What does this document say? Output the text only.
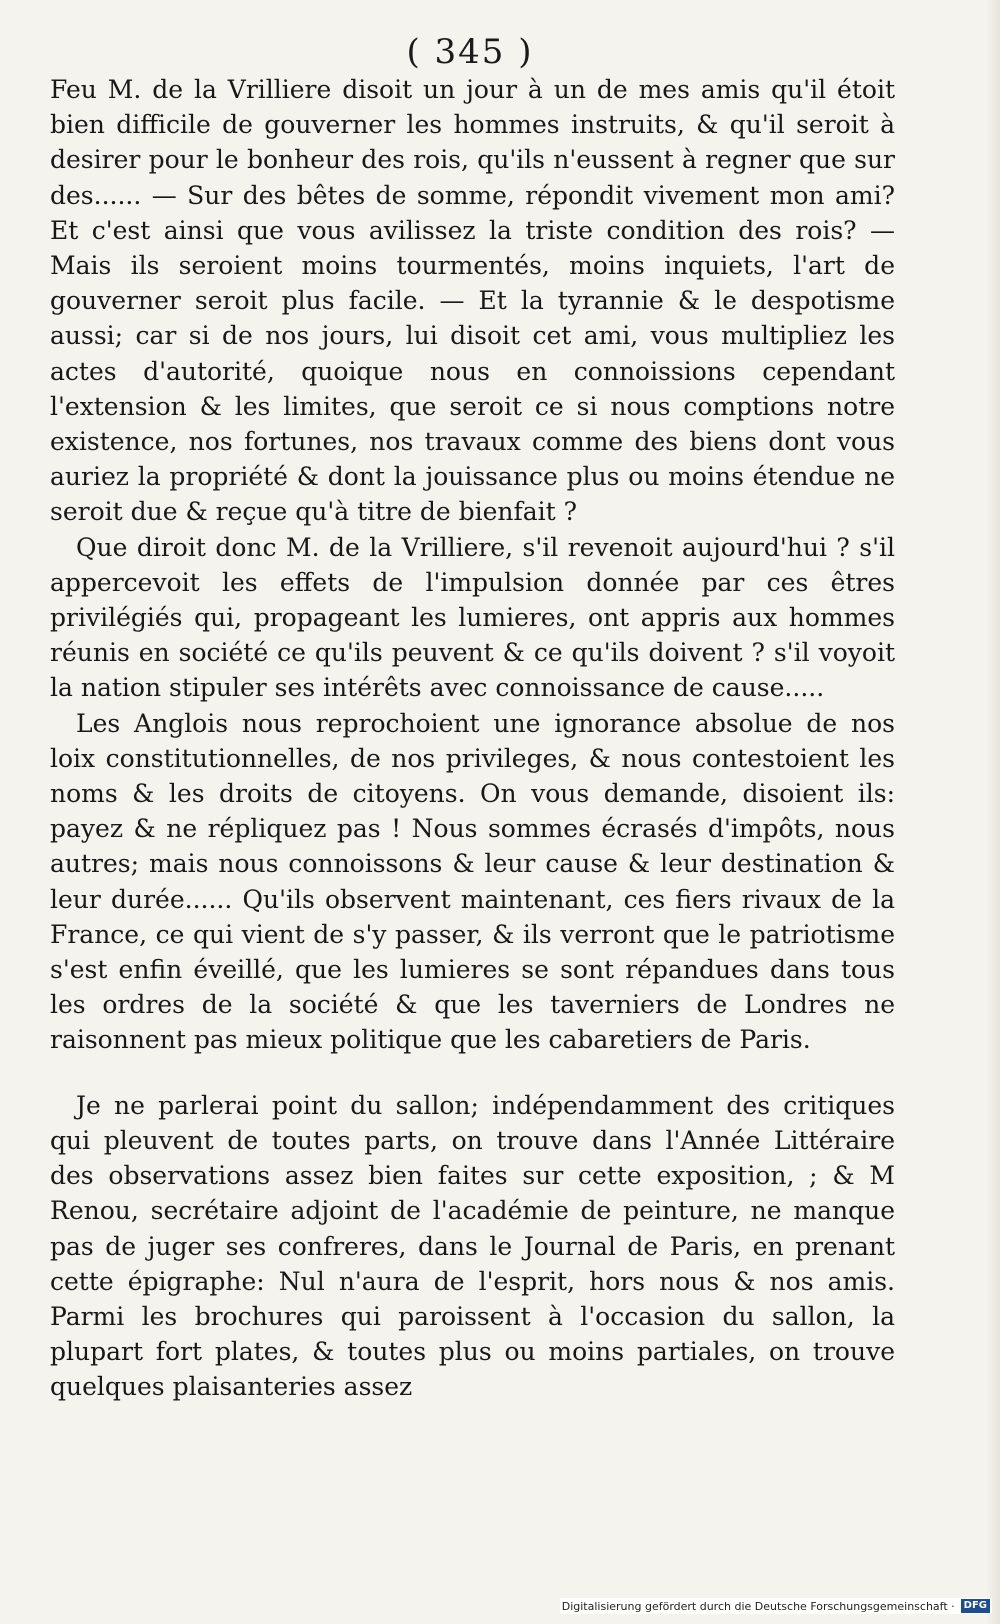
( 345 )

Feu M. de la Vrilliere disoit un jour à un de mes amis qu'il étoit bien difficile de gouverner les hommes instruits, & qu'il seroit à desirer pour le bonheur des rois, qu'ils n'eussent à regner que sur des...... — Sur des bêtes de somme, répondit vivement mon ami? Et c'est ainsi que vous avilissez la triste condition des rois? — Mais ils seroient moins tourmentés, moins inquiets, l'art de gouverner seroit plus facile. — Et la tyrannie & le despotisme aussi; car si de nos jours, lui disoit cet ami, vous multipliez les actes d'autorité, quoique nous en connoissions cependant l'extension & les limites, que seroit ce si nous comptions notre existence, nos fortunes, nos travaux comme des biens dont vous auriez la propriété & dont la jouissance plus ou moins étendue ne seroit due & reçue qu'à titre de bienfait ?

Que diroit donc M. de la Vrilliere, s'il revenoit aujourd'hui ? s'il appercevoit les effets de l'impulsion donnée par ces êtres privilégiés qui, propageant les lumieres, ont appris aux hommes réunis en société ce qu'ils peuvent & ce qu'ils doivent ? s'il voyoit la nation stipuler ses intérêts avec connoissance de cause.....

Les Anglois nous reprochoient une ignorance absolue de nos loix constitutionnelles, de nos privileges, & nous contestoient les noms & les droits de citoyens. On vous demande, disoient ils: payez & ne répliquez pas ! Nous sommes écrasés d'impôts, nous autres; mais nous connoissons & leur cause & leur destination & leur durée...... Qu'ils observent maintenant, ces fiers rivaux de la France, ce qui vient de s'y passer, & ils verront que le patriotisme s'est enfin éveillé, que les lumieres se sont répandues dans tous les ordres de la société & que les taverniers de Londres ne raisonnent pas mieux politique que les cabaretiers de Paris.

Je ne parlerai point du sallon; indépendamment des critiques qui pleuvent de toutes parts, on trouve dans l'Année Littéraire des observations assez bien faites sur cette exposition, ; & M Renou, secrétaire adjoint de l'académie de peinture, ne manque pas de juger ses confreres, dans le Journal de Paris, en prenant cette épigraphe: Nul n'aura de l'esprit, hors nous & nos amis. Parmi les brochures qui paroissent à l'occasion du sallon, la plupart fort plates, & toutes plus ou moins partiales, on trouve quelques plaisanteries assez

Digitalisierung gefördert durch die Deutsche Forschungsgemeinschaft · DFG
